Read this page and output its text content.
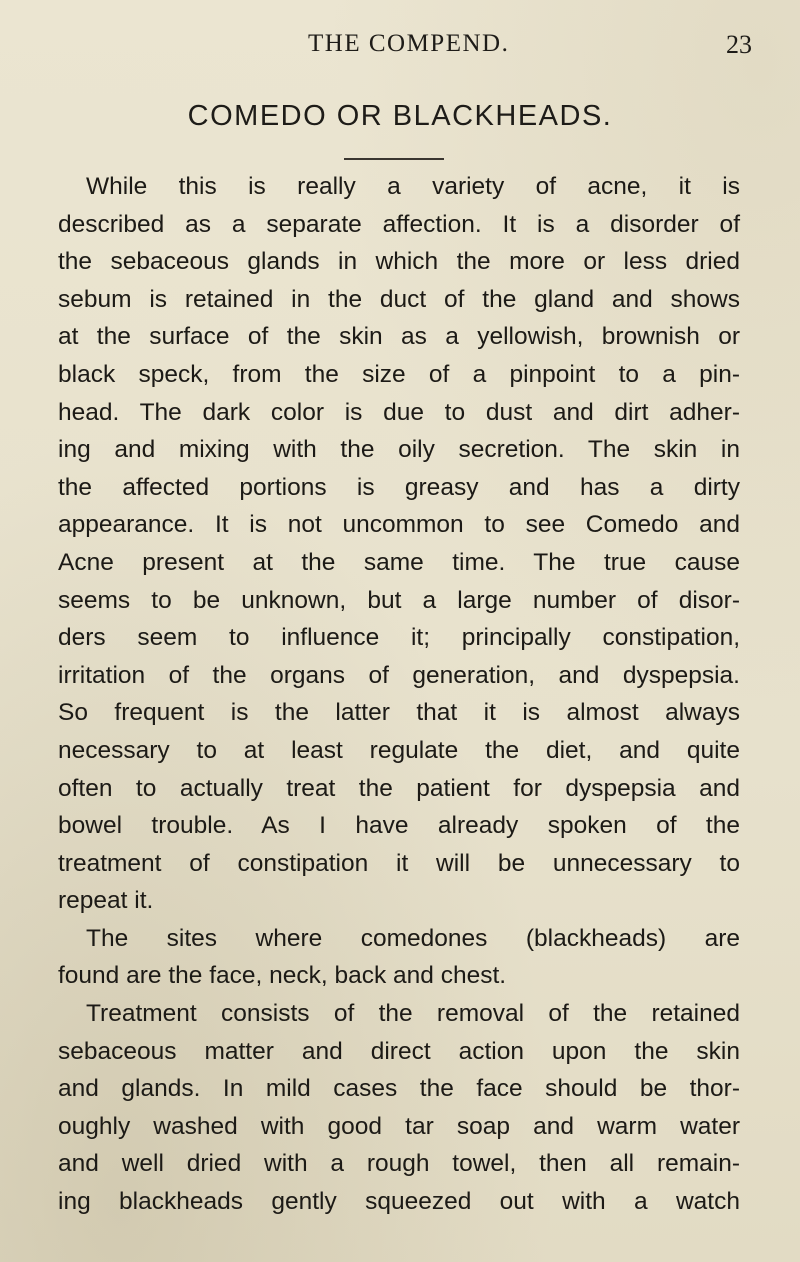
THE COMPEND.	23
COMEDO OR BLACKHEADS.
While this is really a variety of acne, it is
described as a separate affection. It is a disorder of
the sebaceous glands in which the more or less dried
sebum is retained in the duct of the gland and shows
at the surface of the skin as a yellowish, brownish or
black speck, from the size of a pinpoint to a pin-
head. The dark color is due to dust and dirt adher-
ing and mixing with the oily secretion. The skin in
the affected portions is greasy and has a dirty
appearance. It is not uncommon to see Comedo and
Acne present at the same time. The true cause
seems to be unknown, but a large number of disor-
ders seem to influence it; principally constipation,
irritation of the organs of generation, and dyspepsia.
So frequent is the latter that it is almost always
necessary to at least regulate the diet, and quite
often to actually treat the patient for dyspepsia and
bowel trouble. As I have already spoken of the
treatment of constipation it will be unnecessary to
repeat it.
The sites where comedones (blackheads) are
found are the face, neck, back and chest.
Treatment consists of the removal of the retained
sebaceous matter and direct action upon the skin
and glands. In mild cases the face should be thor-
oughly washed with good tar soap and warm water
and well dried with a rough towel, then all remain-
ing blackheads gently squeezed out with a watch
